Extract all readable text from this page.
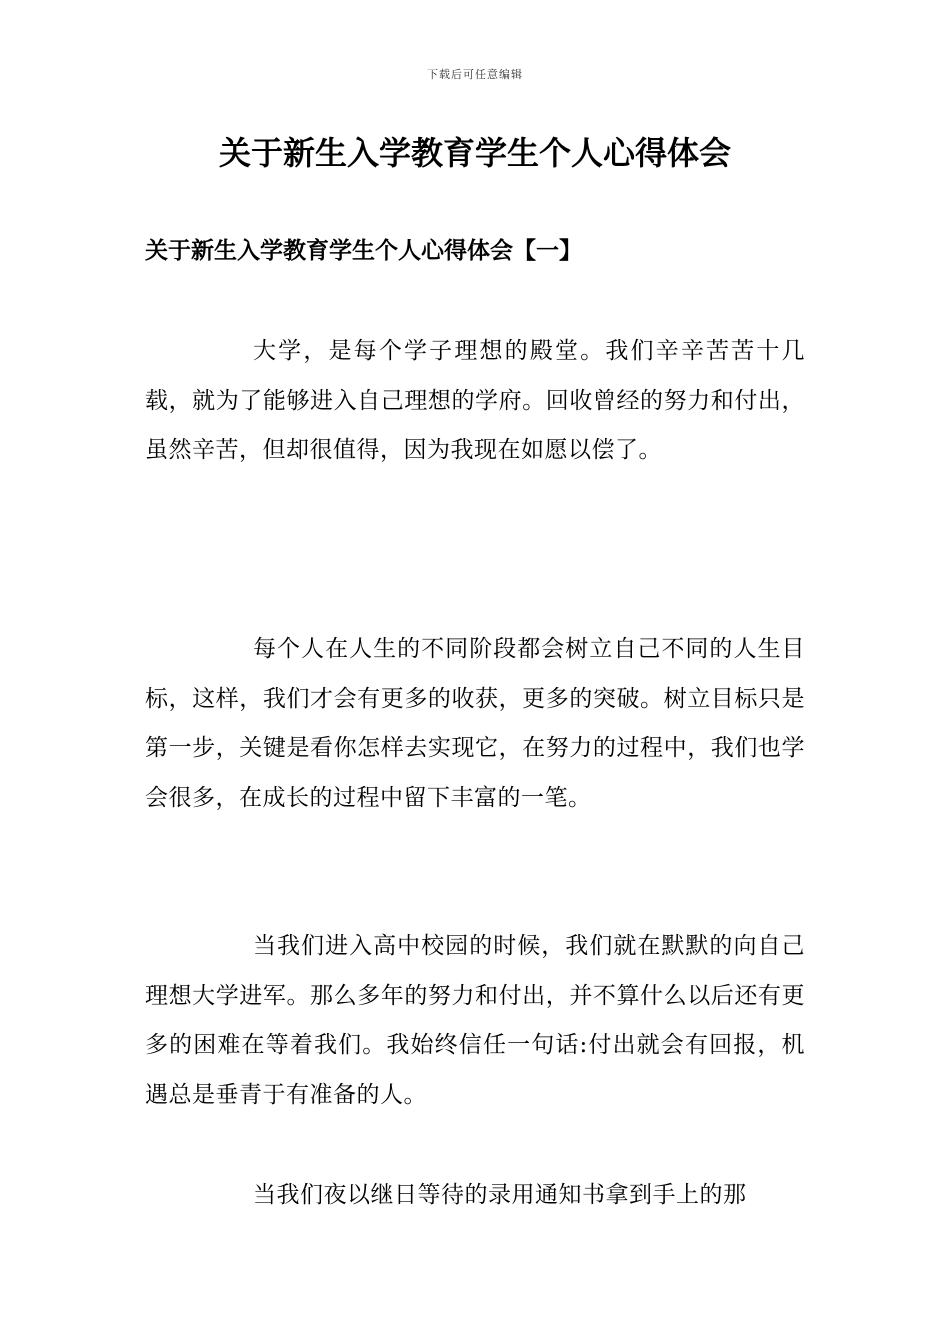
下载后可任意编辑
关于新生入学教育学生个人心得体会
关于新生入学教育学生个人心得体会【一】

大学，是每个学子理想的殿堂。我们辛辛苦苦十几载，就为了能够进入自己理想的学府。回收曾经的努力和付出，虽然辛苦，但却很值得，因为我现在如愿以偿了。

每个人在人生的不同阶段都会树立自己不同的人生目标，这样，我们才会有更多的收获，更多的突破。树立目标只是第一步，关键是看你怎样去实现它，在努力的过程中，我们也学会很多，在成长的过程中留下丰富的一笔。

当我们进入高中校园的时候，我们就在默默的向自己理想大学进军。那么多年的努力和付出，并不算什么以后还有更多的困难在等着我们。我始终信任一句话:付出就会有回报，机遇总是垂青于有准备的人。

当我们夜以继日等待的录用通知书拿到手上的那
